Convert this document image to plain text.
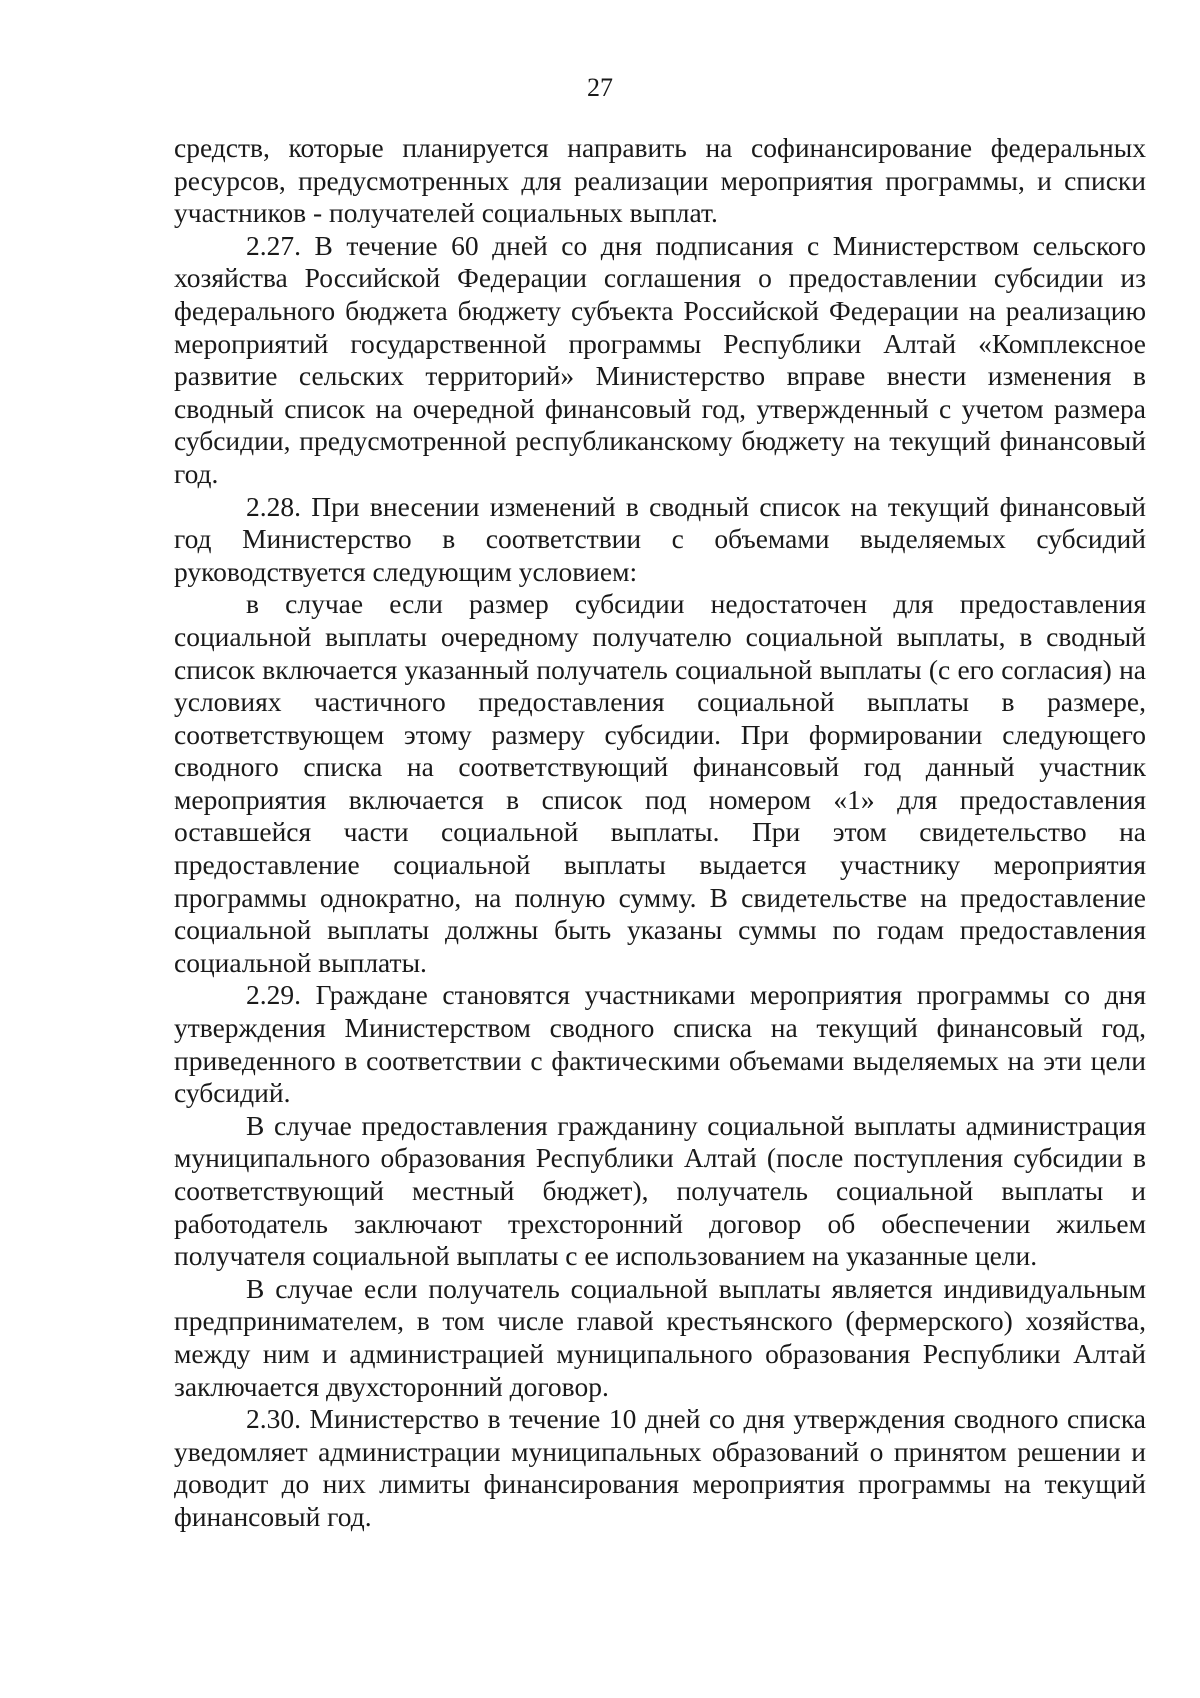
27

средств, которые планируется направить на софинансирование федеральных ресурсов, предусмотренных для реализации мероприятия программы, и списки участников - получателей социальных выплат.

2.27. В течение 60 дней со дня подписания с Министерством сельского хозяйства Российской Федерации соглашения о предоставлении субсидии из федерального бюджета бюджету субъекта Российской Федерации на реализацию мероприятий государственной программы Республики Алтай «Комплексное развитие сельских территорий» Министерство вправе внести изменения в сводный список на очередной финансовый год, утвержденный с учетом размера субсидии, предусмотренной республиканскому бюджету на текущий финансовый год.

2.28. При внесении изменений в сводный список на текущий финансовый год Министерство в соответствии с объемами выделяемых субсидий руководствуется следующим условием:

в случае если размер субсидии недостаточен для предоставления социальной выплаты очередному получателю социальной выплаты, в сводный список включается указанный получатель социальной выплаты (с его согласия) на условиях частичного предоставления социальной выплаты в размере, соответствующем этому размеру субсидии. При формировании следующего сводного списка на соответствующий финансовый год данный участник мероприятия включается в список под номером «1» для предоставления оставшейся части социальной выплаты. При этом свидетельство на предоставление социальной выплаты выдается участнику мероприятия программы однократно, на полную сумму. В свидетельстве на предоставление социальной выплаты должны быть указаны суммы по годам предоставления социальной выплаты.

2.29. Граждане становятся участниками мероприятия программы со дня утверждения Министерством сводного списка на текущий финансовый год, приведенного в соответствии с фактическими объемами выделяемых на эти цели субсидий.

В случае предоставления гражданину социальной выплаты администрация муниципального образования Республики Алтай (после поступления субсидии в соответствующий местный бюджет), получатель социальной выплаты и работодатель заключают трехсторонний договор об обеспечении жильем получателя социальной выплаты с ее использованием на указанные цели.

В случае если получатель социальной выплаты является индивидуальным предпринимателем, в том числе главой крестьянского (фермерского) хозяйства, между ним и администрацией муниципального образования Республики Алтай заключается двухсторонний договор.

2.30. Министерство в течение 10 дней со дня утверждения сводного списка уведомляет администрации муниципальных образований о принятом решении и доводит до них лимиты финансирования мероприятия программы на текущий финансовый год.
